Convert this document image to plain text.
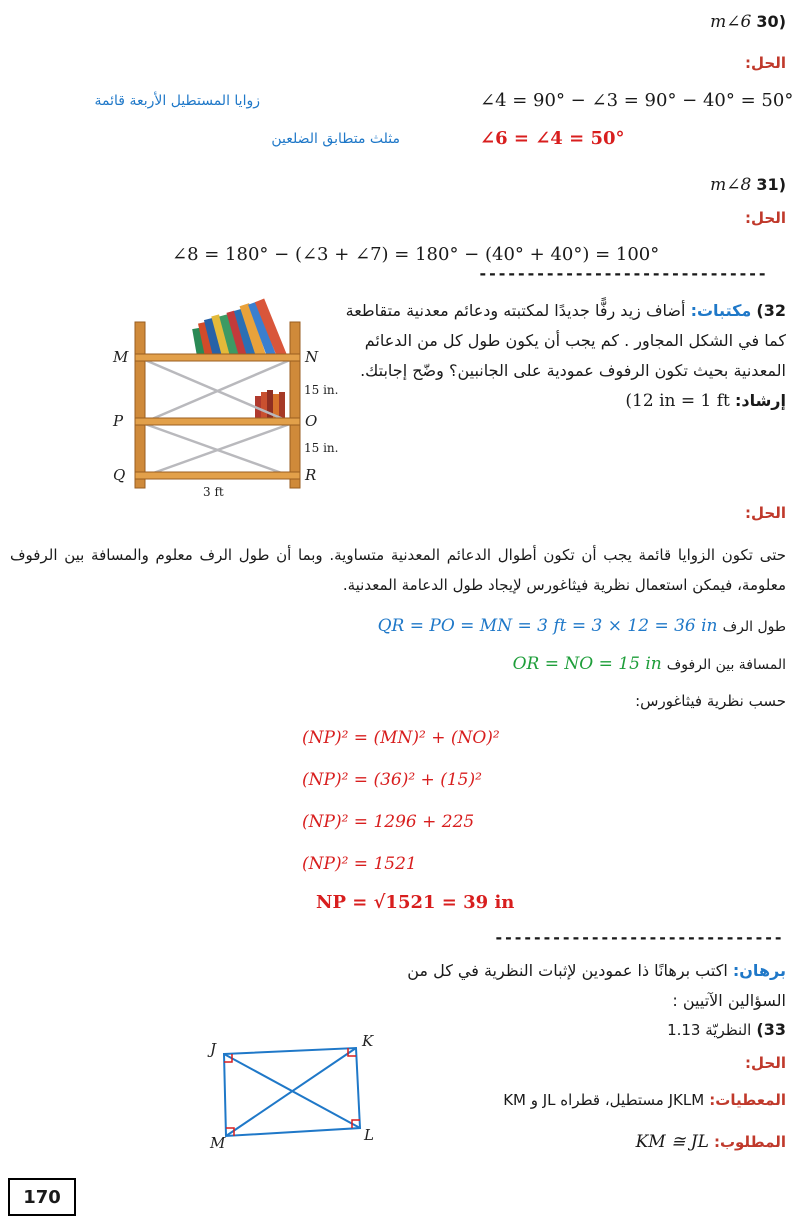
(30 m∠6
الحل:
∠4 = 90° − ∠3 = 90° − 40° = 50°
زوايا المستطيل الأربعة قائمة
∠6 = ∠4 = 50°
مثلث متطابق الضلعين
(31 m∠8
الحل:
∠8 = 180° − (∠3 + ∠7) = 180° − (40° + 40°) = 100°
------------------------------
32) مكتبات: أضاف زيد رفًّا جديدًا لمكتبته ودعائم معدنية متقاطعة كما في الشكل المجاور . كم يجب أن يكون طول كل من الدعائم المعدنية بحيث تكون الرفوف عمودية على الجانبين؟ وضّح إجابتك.
إرشاد: (12 in = 1 ft
M	N
P	O
Q	R
15 in.
15 in.
3 ft
الحل:
حتى تكون الزوايا قائمة يجب أن تكون أطوال الدعائم المعدنية متساوية. وبما أن طول الرف معلوم والمسافة بين الرفوف معلومة، فيمكن استعمال نظرية فيثاغورس لإيجاد طول الدعامة المعدنية.
طول الرف QR = PO = MN = 3 ft = 3 × 12 = 36 in
المسافة بين الرفوف OR = NO = 15 in
حسب نظرية فيثاغورس:
(NP)² = (MN)² + (NO)²
(NP)² = (36)² + (15)²
(NP)² = 1296 + 225
(NP)² = 1521
NP = √1521 = 39 in
------------------------------
برهان: اكتب برهانًا ذا عمودين لإثبات النظرية في كل من السؤالين الآتيين :
33) النظريّة 1.13
الحل:
المعطيات: JKLM مستطيل، قطراه JL و KM
المطلوب: KM ≅ JL
J	K
L
M
170
